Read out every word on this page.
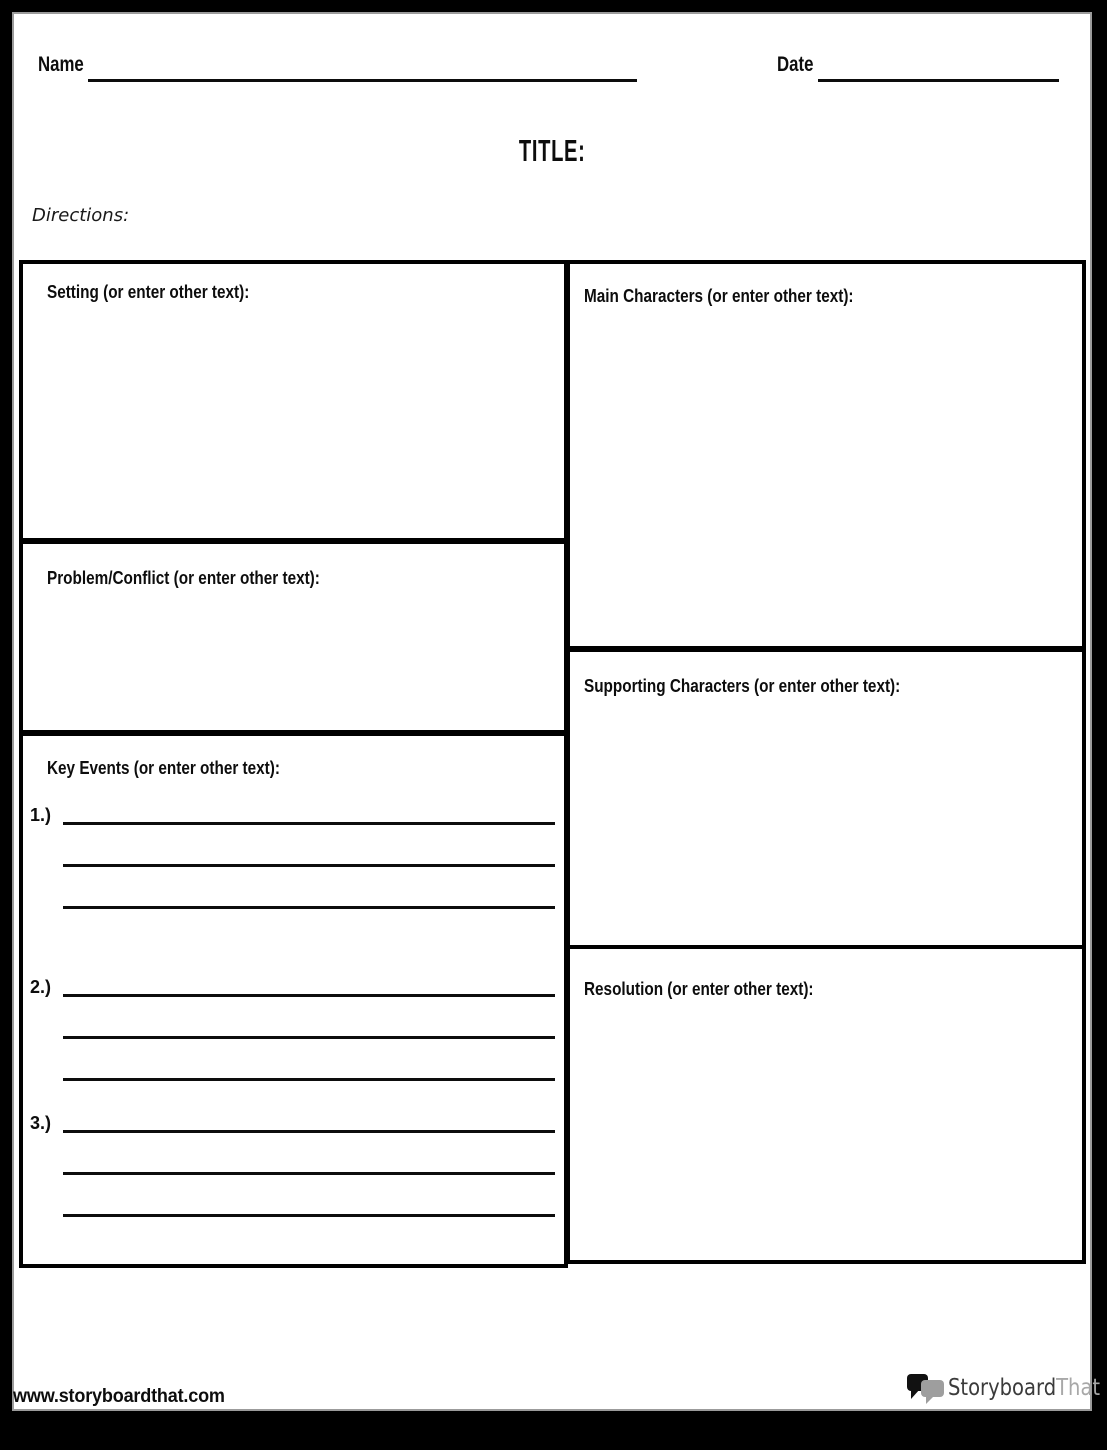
Name	Date
TITLE:
Directions:
Setting (or enter other text):
Problem/Conflict (or enter other text):
Key Events (or enter other text):
1.)
2.)
3.)
Main Characters (or enter other text):
Supporting Characters (or enter other text):
Resolution (or enter other text):
www.storyboardthat.com	StoryboardThat
